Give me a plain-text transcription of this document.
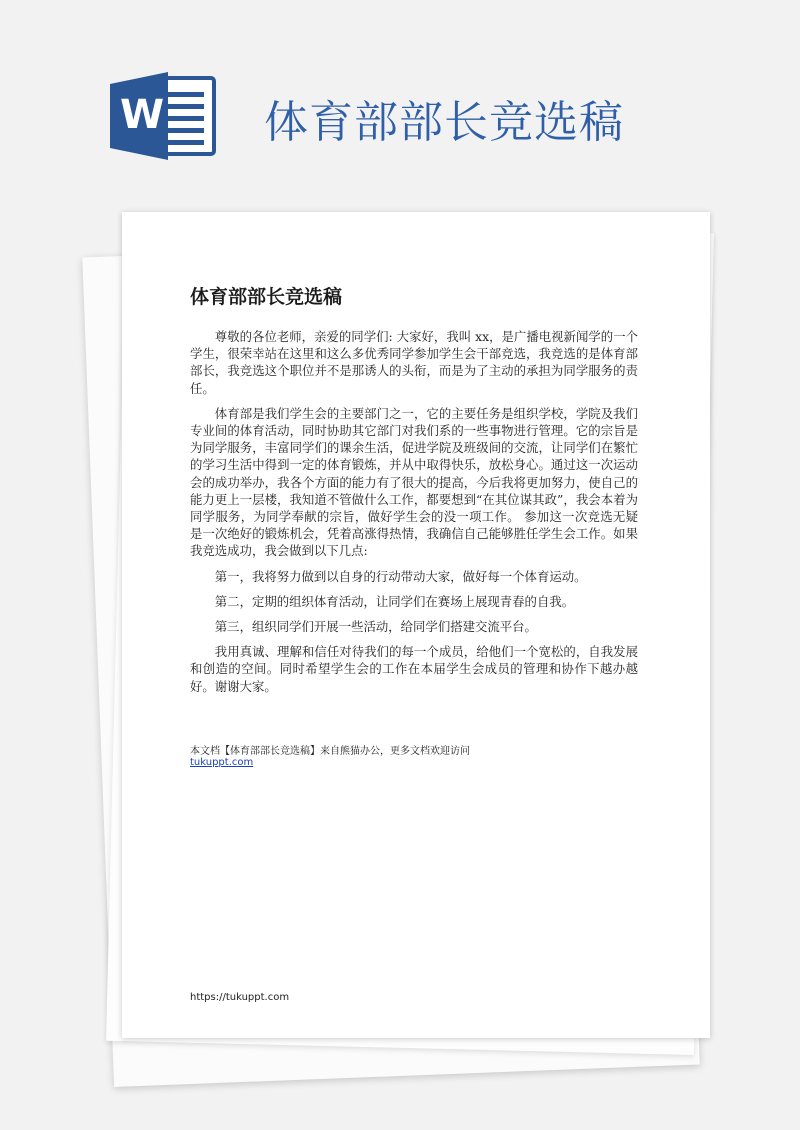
W 体育部部长竞选稿
体育部部长竞选稿

尊敬的各位老师，亲爱的同学们: 大家好，我叫 xx，是广播电视新闻学的一个学生，很荣幸站在这里和这么多优秀同学参加学生会干部竞选，我竞选的是体育部部长，我竞选这个职位并不是那诱人的头衔，而是为了主动的承担为同学服务的责任。

体育部是我们学生会的主要部门之一，它的主要任务是组织学校，学院及我们专业间的体育活动，同时协助其它部门对我们系的一些事物进行管理。它的宗旨是为同学服务，丰富同学们的课余生活，促进学院及班级间的交流，让同学们在繁忙的学习生活中得到一定的体育锻炼，并从中取得快乐，放松身心。通过这一次运动会的成功举办，我各个方面的能力有了很大的提高，今后我将更加努力，使自己的能力更上一层楼，我知道不管做什么工作，都要想到“在其位谋其政”，我会本着为同学服务，为同学奉献的宗旨，做好学生会的没一项工作。 参加这一次竞选无疑是一次绝好的锻炼机会，凭着高涨得热情，我确信自己能够胜任学生会工作。如果我竞选成功，我会做到以下几点:

第一，我将努力做到以自身的行动带动大家，做好每一个体育运动。

第二，定期的组织体育活动，让同学们在赛场上展现青春的自我。

第三，组织同学们开展一些活动，给同学们搭建交流平台。

我用真诚、理解和信任对待我们的每一个成员，给他们一个宽松的，自我发展和创造的空间。同时希望学生会的工作在本届学生会成员的管理和协作下越办越好。谢谢大家。

本文档【体育部部长竞选稿】来自熊猫办公，更多文档欢迎访问
tukuppt.com
https://tukuppt.com
